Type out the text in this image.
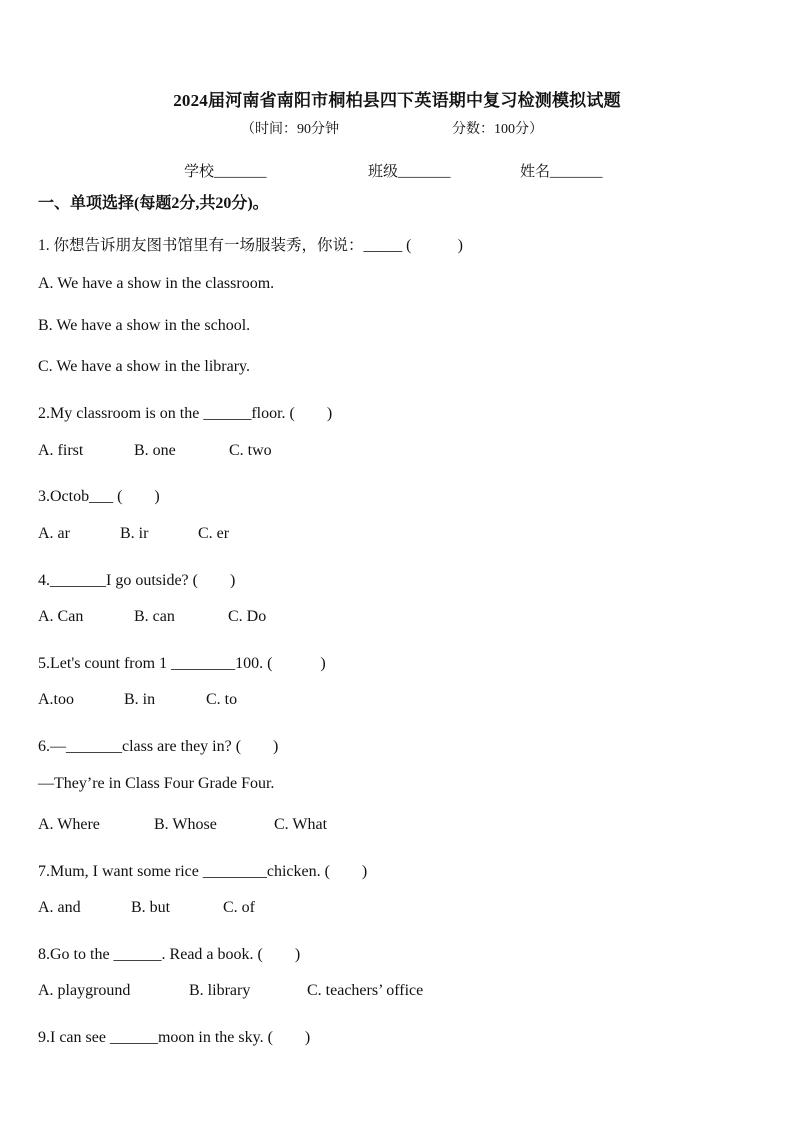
2024届河南省南阳市桐柏县四下英语期中复习检测模拟试题
（时间：90分钟	分数：100分）
学校_______	班级_______	姓名_______
一、单项选择(每题2分,共20分)。
1. 你想告诉朋友图书馆里有一场服装秀，你说：_____ (　　　)
A. We have a show in the classroom.
B. We have a show in the school.
C. We have a show in the library.
2.My classroom is on the ______floor. (　　)
A. first	B. one	C. two
3.Octob___ (　　)
A. ar	B. ir	C. er
4._______I go outside? (　　)
A. Can	B. can	C. Do
5.Let's count from 1 ________100. (　　　)
A.too	B. in	C. to
6.—_______class are they in? (　　)
—They’re in Class Four Grade Four.
A. Where	B. Whose	C. What
7.Mum, I want some rice ________chicken. (　　)
A. and	B. but	C. of
8.Go to the ______. Read a book. (　　)
A. playground	B. library	C. teachers’ office
9.I can see ______moon in the sky. (　　)
